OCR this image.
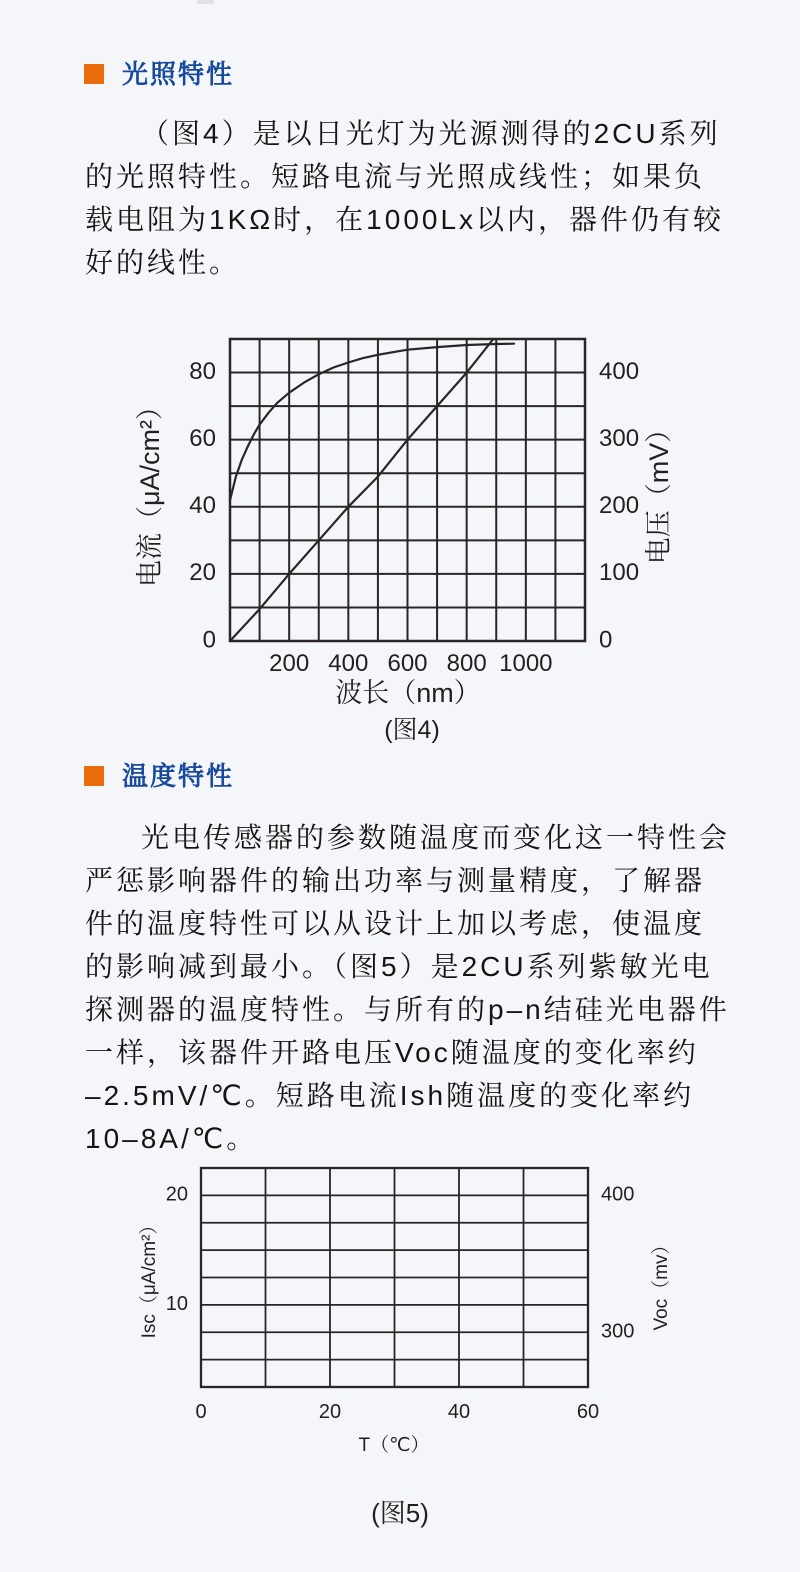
光照特性
（图4）是以日光灯为光源测得的2CU系列
的光照特性。短路电流与光照成线性；如果负
载电阻为1KΩ时，在1000Lx以内，器件仍有较
好的线性。
80
60
40
20
0
400
300
200
100
0
200 400 600 800 1000
电流（μA/cm²）	电压（mV）
波长（nm）
(图4)
温度特性
光电传感器的参数随温度而变化这一特性会
严惩影响器件的输出功率与测量精度，了解器
件的温度特性可以从设计上加以考虑，使温度
的影响减到最小。（图5）是2CU系列紫敏光电
探测器的温度特性。与所有的p–n结硅光电器件
一样，该器件开路电压Voc随温度的变化率约
–2.5mV/℃。短路电流Ish随温度的变化率约
10–8A/℃。
20
10
400
300
0	20	40	60
Isc（μA/cm²）	Voc（mv）
T（℃）
(图5)
